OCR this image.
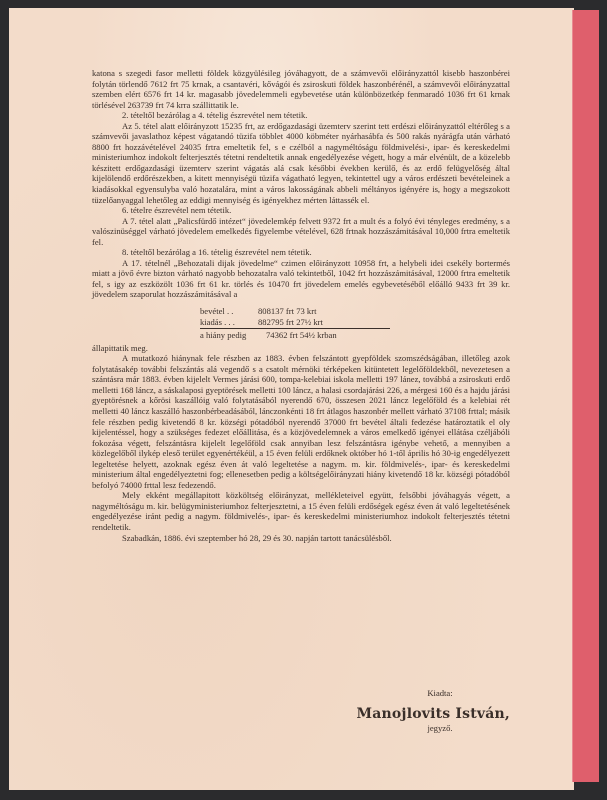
katona s szegedi fasor melletti földek közgyülésileg jóváhagyott, de a számvevői előirányzattól kisebb haszonbérei folytán törlendő 7612 frt 75 krnak, a csantavéri, kővágói és zsiroskuti földek haszonbérénél, a számvevői előirányzattal szemben elért 6576 frt 14 kr. magasabb jövedelemmeli egybevetése után különbözetkép fenmaradó 1036 frt 61 krnak törlésével 263739 frt 74 krra szállittatik le.

2. tételtől bezárólag a 4. tételig észrevétel nem tétetik.

Az 5. tétel alatt előirányzott 15235 frt, az erdőgazdasági üzemterv szerint tett erdészi előirányzattól eltérőleg s a számvevői javaslathoz képest vágatandó tüzifa többlet 4000 köbméter nyárhasábfa és 500 rakás nyárágfa után várható 8800 frt hozzávételével 24035 frtra emeltetik fel, s e czélból a nagyméltóságu földmivelési-, ipar- és kereskedelmi ministeriumhoz indokolt felterjesztés tétetni rendeltetik annak engedélyezése végett, hogy a már elvénült, de a közelebb készitett erdőgazdasági üzemterv szerint vágatás alá csak későbbi években kerülő, és az erdő felügyelőség által kijelölendő erdőrészekben, a kitett mennyiségü tüzifa vágatható legyen, tekintettel ugy a város erdészeti bevételeinek a kiadásokkal egyensulyba való hozatalára, mint a város lakosságának abbeli méltányos igényére is, hogy a megszokott tüzelőanyaggal lehetőleg az eddigi mennyiség és igényekhez mérten láttassék el.

6. tételre észrevétel nem tétetik.

A 7. tétel alatt „Palicsfürdő intézet“ jövedelemkép felvett 9372 frt a mult és a folyó évi tényleges eredmény, s a valószinüséggel várható jövedelem emelkedés figyelembe vételével, 628 frtnak hozzászámitásával 10,000 frtra emeltetik fel.

8. tételtől bezárólag a 16. tételig észrevétel nem tétetik.

A 17. tételnél „Behozatali dijak jövedelme“ czimen előirányzott 10958 frt, a helybeli idei csekély bortermés miatt a jövő évre bizton várható nagyobb behozatalra való tekintetből, 1042 frt hozzászámitásával, 12000 frtra emeltetik fel, s igy az eszközölt 1036 frt 61 kr. törlés és 10470 frt jövedelem emelés egybevetéséből előálló 9433 frt 39 kr. jövedelem szaporulat hozzászámitásával a

bevétel . .	808137 frt 73 krt
kiadás . . .	882795 frt 27½ krt
a hiány pedig	74362 frt 54½ krban

állapittatik meg.

A mutatkozó hiánynak fele részben az 1883. évben felszántott gyepföldek szomszédságában, illetőleg azok folytatásakép további felszántás alá vegendő s a csatolt mérnöki térképeken kitüntetett legelőföldekből, nevezetesen a szántásra már 1883. évben kijelelt Vermes járási 600, tompa-kelebiai iskola melletti 197 lánez, továbbá a zsiroskuti erdő melletti 168 láncz, a sáskalaposi gyeptörések melletti 100 láncz, a halasi csordajárási 226, a mérgesi 160 és a hajdu járási gyeptörésnek a kőrösi kaszállóig való folytatásából nyerendő 670, összesen 2021 láncz legelőföld és a kelebiai rét melletti 40 láncz kaszálló haszonbérbeadásából, lánczonkénti 18 frt átlagos haszonbér mellett várható 37108 frttal; másik fele részben pedig kivetendő 8 kr. községi pótadóból nyerendő 37000 frt bevétel általi fedezése határoztatik el oly kijelentéssel, hogy a szükséges fedezet előállitása, és a közjövedelemnek a város emelkedő igényei ellátása czéljábóli fokozása végett, felszántásra kijelelt legelőföld csak annyiban lesz felszántásra igénybe vehető, a mennyiben a közlegelőből ilykép eleső terület egyenértékéül, a 15 éven felüli erdőknek október hó 1-től április hó 30-ig engedélyezett legeltetése helyett, azoknak egész éven át való legeltetése a nagym. m. kir. földmivelés-, ipar- és kereskedelmi ministerium által engedélyeztetni fog; ellenesetben pedig a költségelőirányzati hiány kivetendő 18 kr. községi pótadóból befolyó 74000 frttal lesz fedezendő.

Mely ekként megállapitott közköltség előirányzat, mellékleteivel együtt, felsőbbi jóváhagyás végett, a nagyméltóságu m. kir. belügyministeriumhoz felterjesztetni, a 15 éven felüli erdőségek egész éven át való legeltetésének engedélyezése iránt pedig a nagym. földmivelés-, ipar- és kereskedelmi ministeriumhoz indokolt felterjesztés tétetni rendeltetik.

Szabadkán, 1886. évi szeptember hó 28, 29 és 30. napján tartott tanácsülésből.

Kiadta:
Manojlovits István,
jegyző.
